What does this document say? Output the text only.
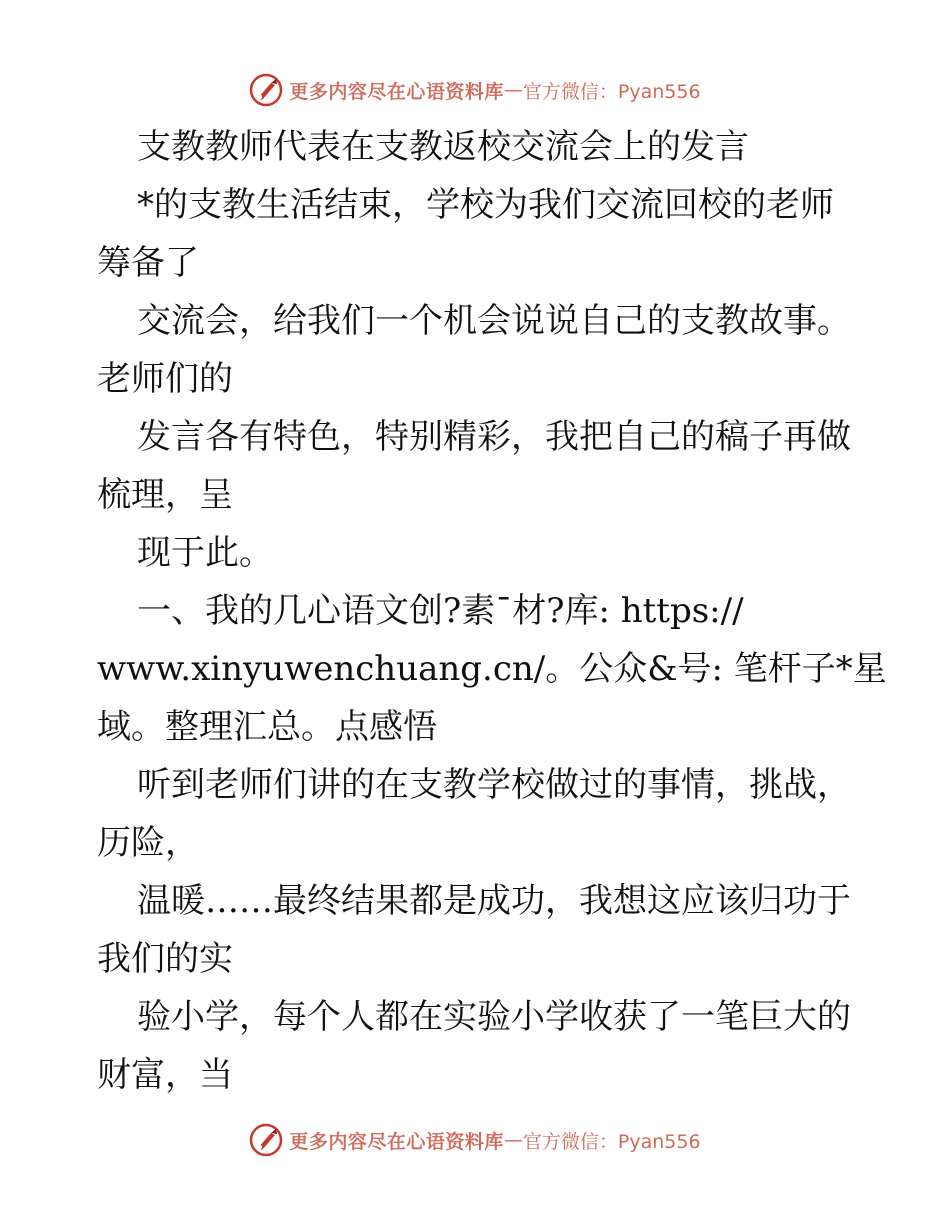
更多内容尽在心语资料库 — 官方微信：Pyan556
支教教师代表在支教返校交流会上的发言
*的支教生活结束，学校为我们交流回校的老师
筹备了
交流会，给我们一个机会说说自己的支教故事。
老师们的
发言各有特色，特别精彩，我把自己的稿子再做
梳理，呈
现于此。
一、我的几心语文创?素¯材?库: https://
www.xinyuwenchuang.cn/。公众&号: 笔杆子*星
域。整理汇总。点感悟
听到老师们讲的在支教学校做过的事情，挑战，
历险，
温暖……最终结果都是成功，我想这应该归功于
我们的实
验小学，每个人都在实验小学收获了一笔巨大的
财富，当
更多内容尽在心语资料库 — 官方微信：Pyan556
